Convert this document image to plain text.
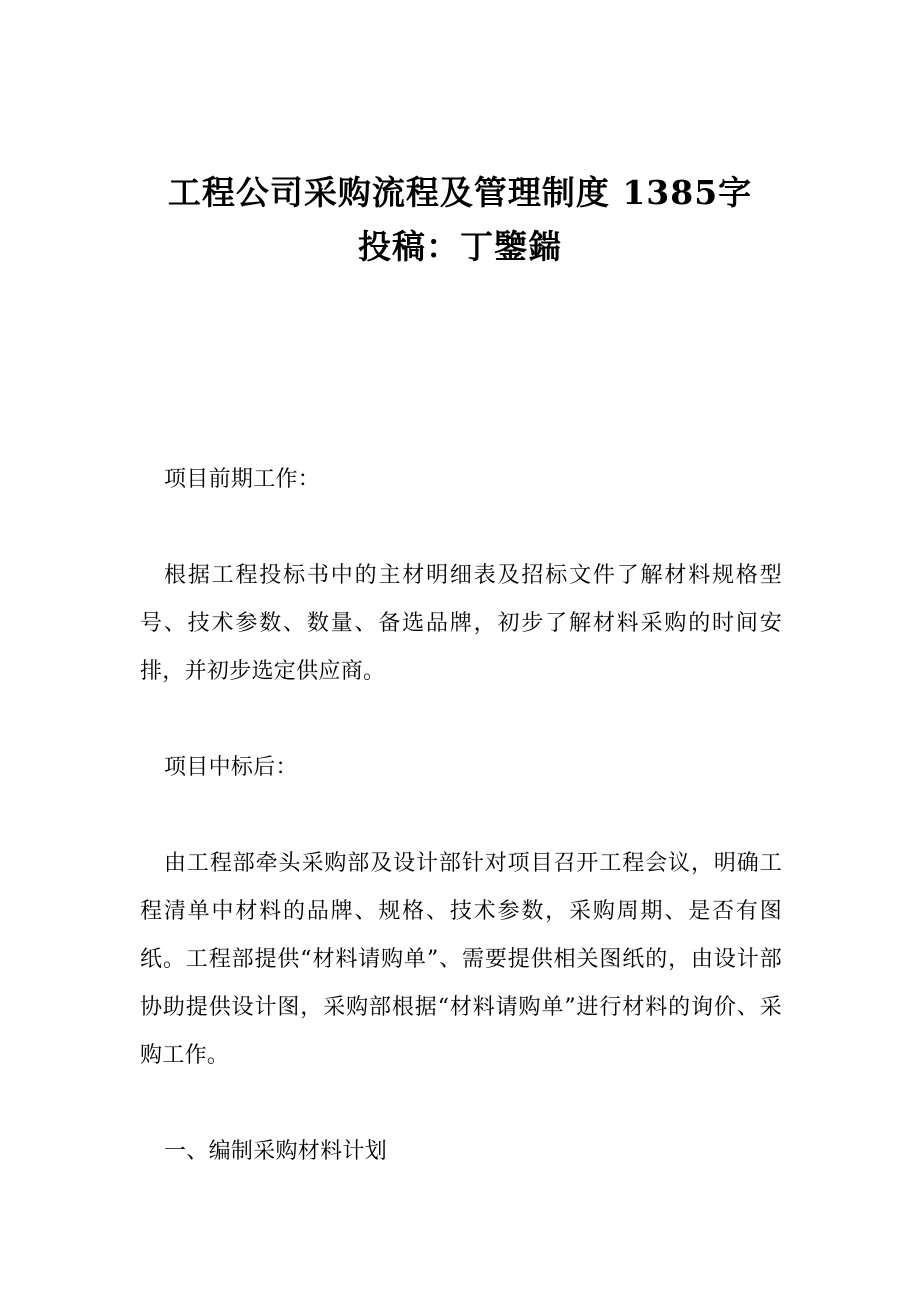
工程公司采购流程及管理制度 1385字

投稿：丁鑒鍴

项目前期工作：

根据工程投标书中的主材明细表及招标文件了解材料规格型号、技术参数、数量、备选品牌，初步了解材料采购的时间安排，并初步选定供应商。

项目中标后：

由工程部牵头采购部及设计部针对项目召开工程会议，明确工程清单中材料的品牌、规格、技术参数，采购周期、是否有图纸。工程部提供“材料请购单”、需要提供相关图纸的，由设计部协助提供设计图，采购部根据“材料请购单”进行材料的询价、采购工作。

一、编制采购材料计划
